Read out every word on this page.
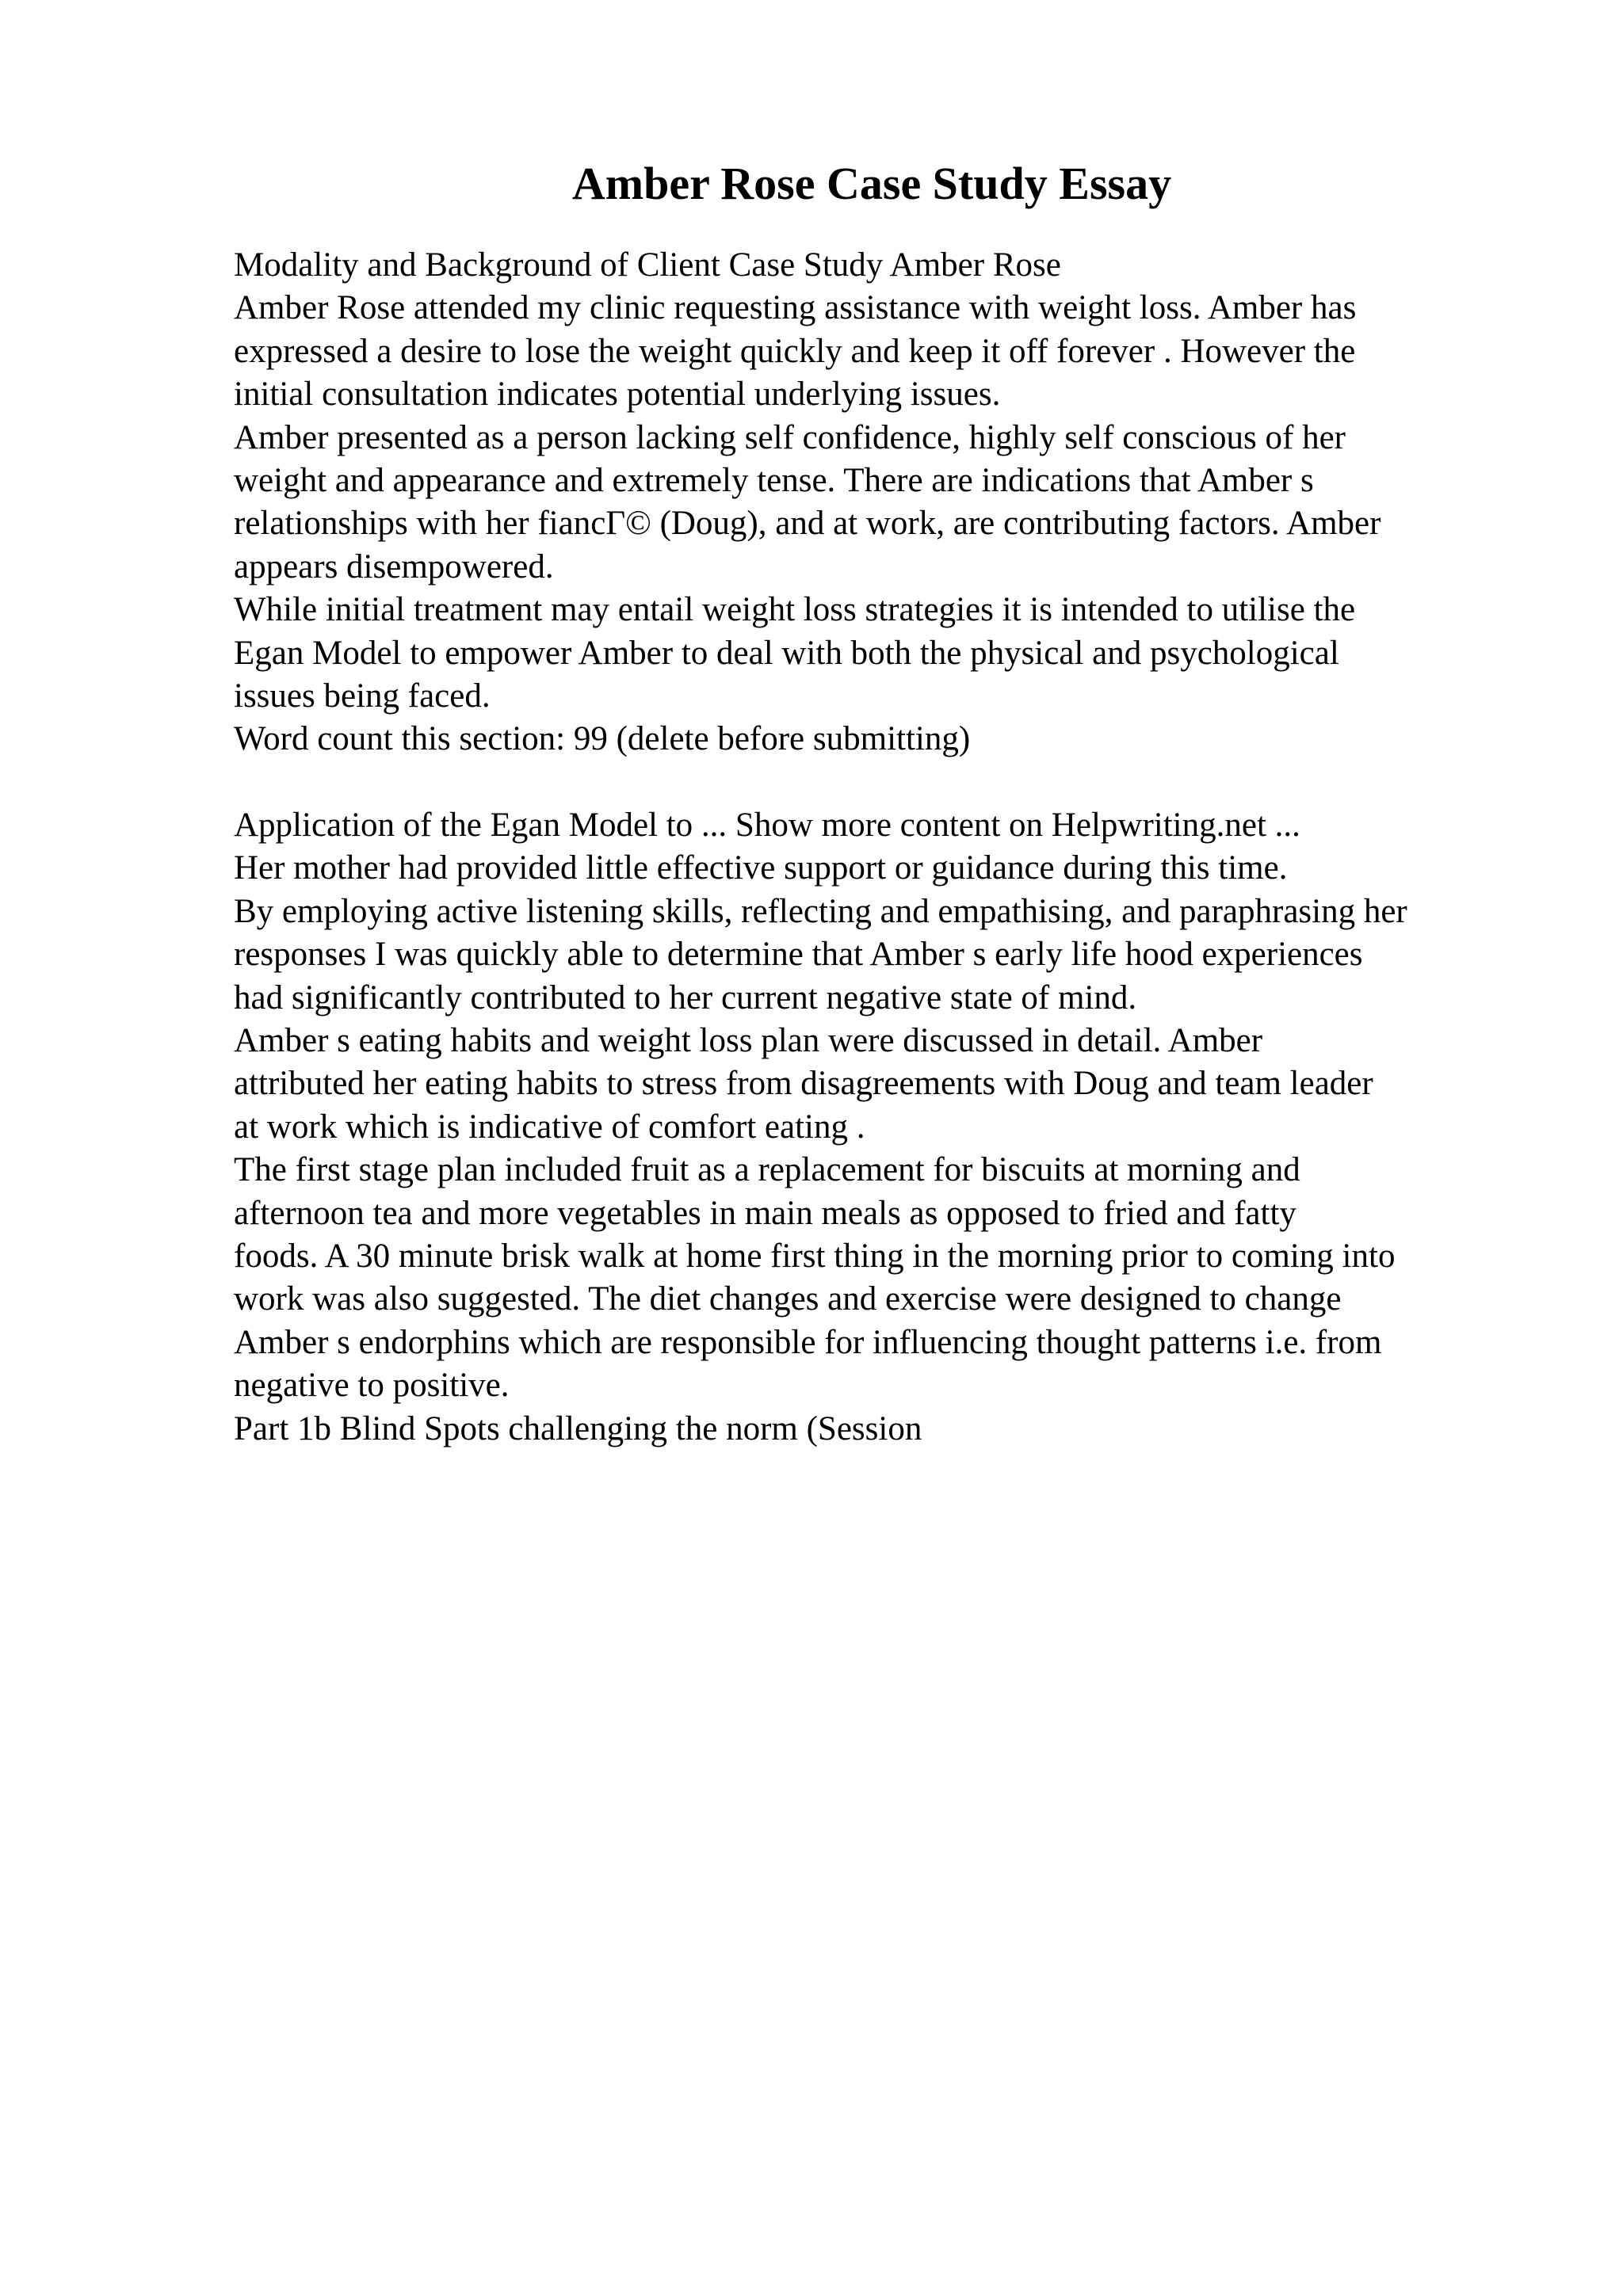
Amber Rose Case Study Essay
Modality and Background of Client Case Study Amber Rose
Amber Rose attended my clinic requesting assistance with weight loss. Amber has
expressed a desire to lose the weight quickly and keep it off forever . However the
initial consultation indicates potential underlying issues.
Amber presented as a person lacking self confidence, highly self conscious of her
weight and appearance and extremely tense. There are indications that Amber s
relationships with her fiancГ© (Doug), and at work, are contributing factors. Amber
appears disempowered.
While initial treatment may entail weight loss strategies it is intended to utilise the
Egan Model to empower Amber to deal with both the physical and psychological
issues being faced.
Word count this section: 99 (delete before submitting)
Application of the Egan Model to ... Show more content on Helpwriting.net ...
Her mother had provided little effective support or guidance during this time.
By employing active listening skills, reflecting and empathising, and paraphrasing her
responses I was quickly able to determine that Amber s early life hood experiences
had significantly contributed to her current negative state of mind.
Amber s eating habits and weight loss plan were discussed in detail. Amber
attributed her eating habits to stress from disagreements with Doug and team leader
at work which is indicative of comfort eating .
The first stage plan included fruit as a replacement for biscuits at morning and
afternoon tea and more vegetables in main meals as opposed to fried and fatty
foods. A 30 minute brisk walk at home first thing in the morning prior to coming into
work was also suggested. The diet changes and exercise were designed to change
Amber s endorphins which are responsible for influencing thought patterns i.e. from
negative to positive.
Part 1b Blind Spots challenging the norm (Session
